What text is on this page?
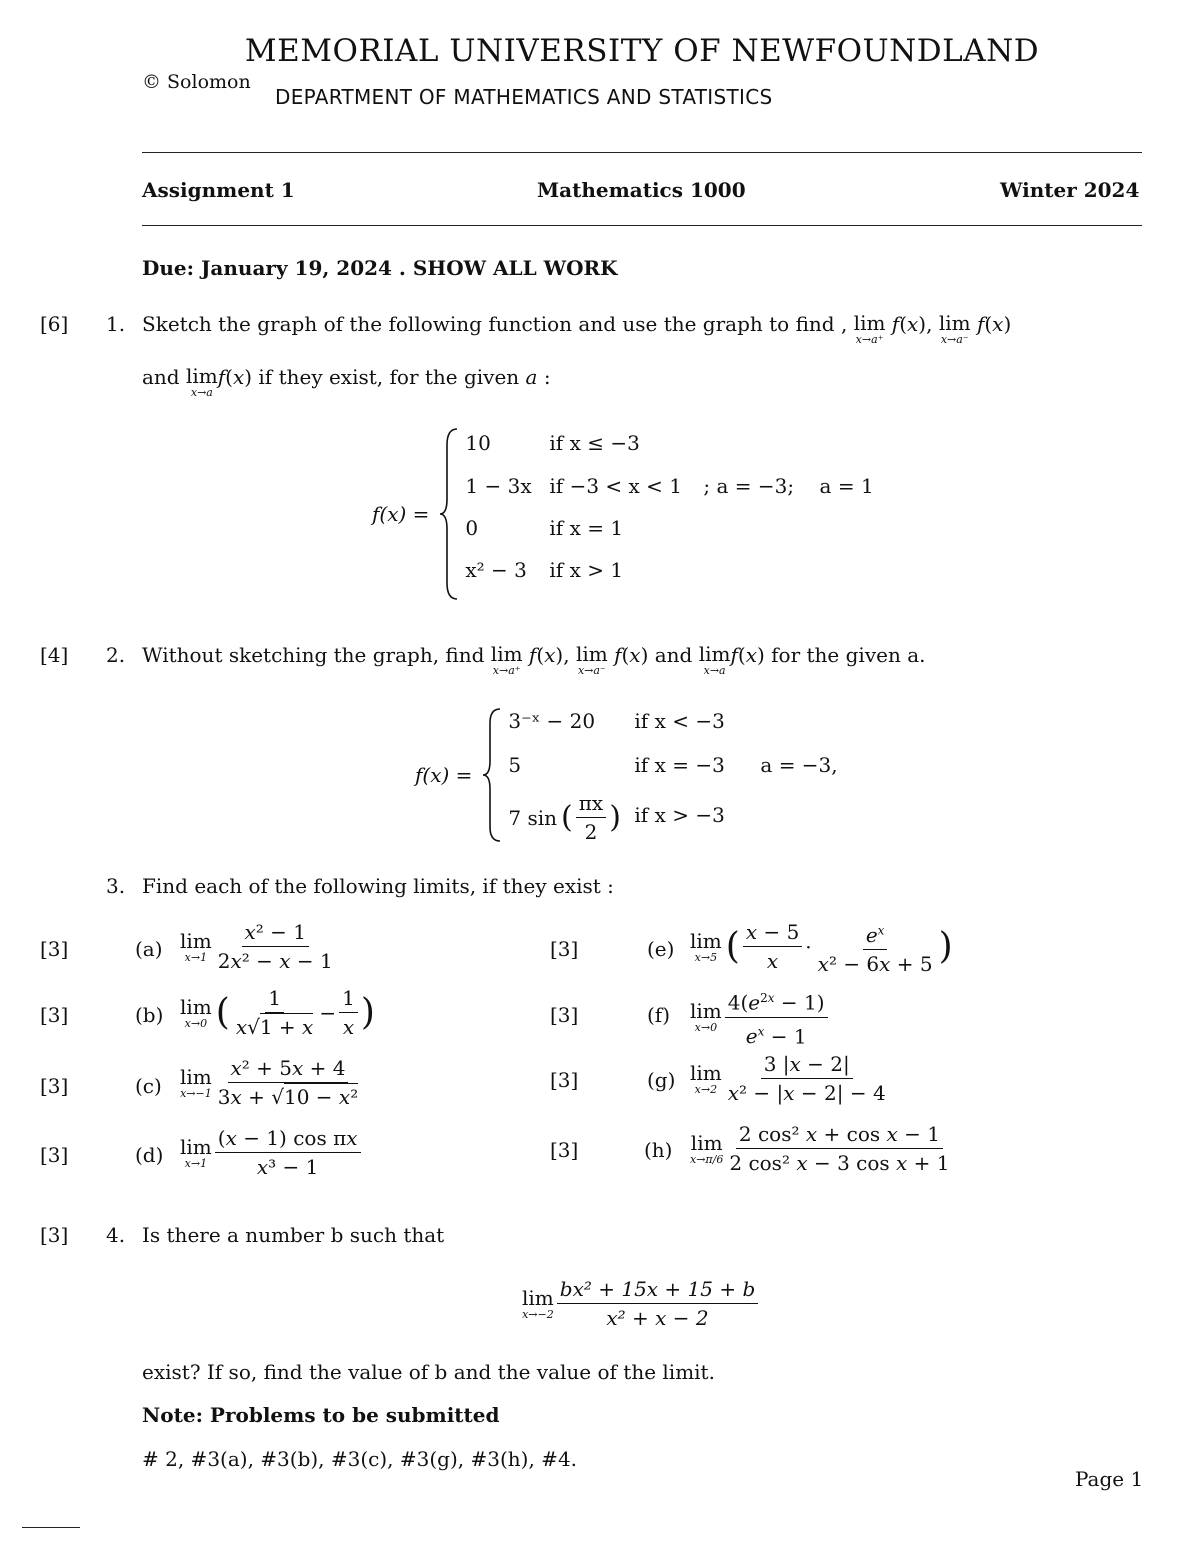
MEMORIAL UNIVERSITY OF NEWFOUNDLAND
© Solomon
DEPARTMENT OF MATHEMATICS AND STATISTICS
Assignment 1	Mathematics 1000	Winter 2024
Due: January 19, 2024 . SHOW ALL WORK
[6] 1. Sketch the graph of the following function and use the graph to find , lim
x→a⁺
f(x), lim
x→a⁻
f(x)
and lim
x→a
f(x) if they exist, for the given a :
f(x) =
10	if x ≤ −3
1 − 3x if −3 < x < 1 ; a = −3;    a = 1
0	if x = 1
x² − 3 if x > 1
[4] 2. Without sketching the graph, find lim
x→a⁺
f(x), lim
x→a⁻
f(x) and lim
x→a
f(x) for the given a.
f(x) =
3⁻ˣ − 20 if x < −3
5	if x = −3 a = −3,
7 sin ( $\frac{\pi x}{2}$ ) if x > −3
3. Find each of the following limits, if they exist :
[3]	(a) lim
$x\to 1 \frac{\text{x² − 1}}{\text{2x² − x − 1}}$
[3]	(b) lim
x→0 ( $\frac{1}{x√1 + x} - \frac{1}{x}$ )
[3]	(c) lim
$x\to-1 \frac{\text{x² + 5x + 4}}{\text{3x + √10 − x²}}$
[3]	(d) lim
$x\to 1 \frac{\text{(x − 1) cos πx}}{\text{x³ − 1}}$
[3]	(e) lim
x→5 ( $\frac{x - 5}{x} \cdot \frac{e^x}{\text{x² − 6x + 5}}$ )
[3]	(f) lim
$x\to 0 \frac{4(e^{2x} - 1)}{e^x - 1}$
[3]	(g) lim
$x\to 2 \frac{3 |x - 2|}{\text{x² − |x − 2| − 4}}$
[3]	(h) lim
$x\to\pi/6 \frac{\text{2 cos² x + cos x − 1}}{\text{2 cos² x − 3 cos x + 1}}$
[3] 4. Is there a number b such that
lim
$x\to-2 \frac{\text{bx² + 15x + 15 + b}}{\text{x² + x − 2}}$
exist? If so, find the value of b and the value of the limit.
Note: Problems to be submitted
# 2, #3(a), #3(b), #3(c), #3(g), #3(h), #4.
Page 1
